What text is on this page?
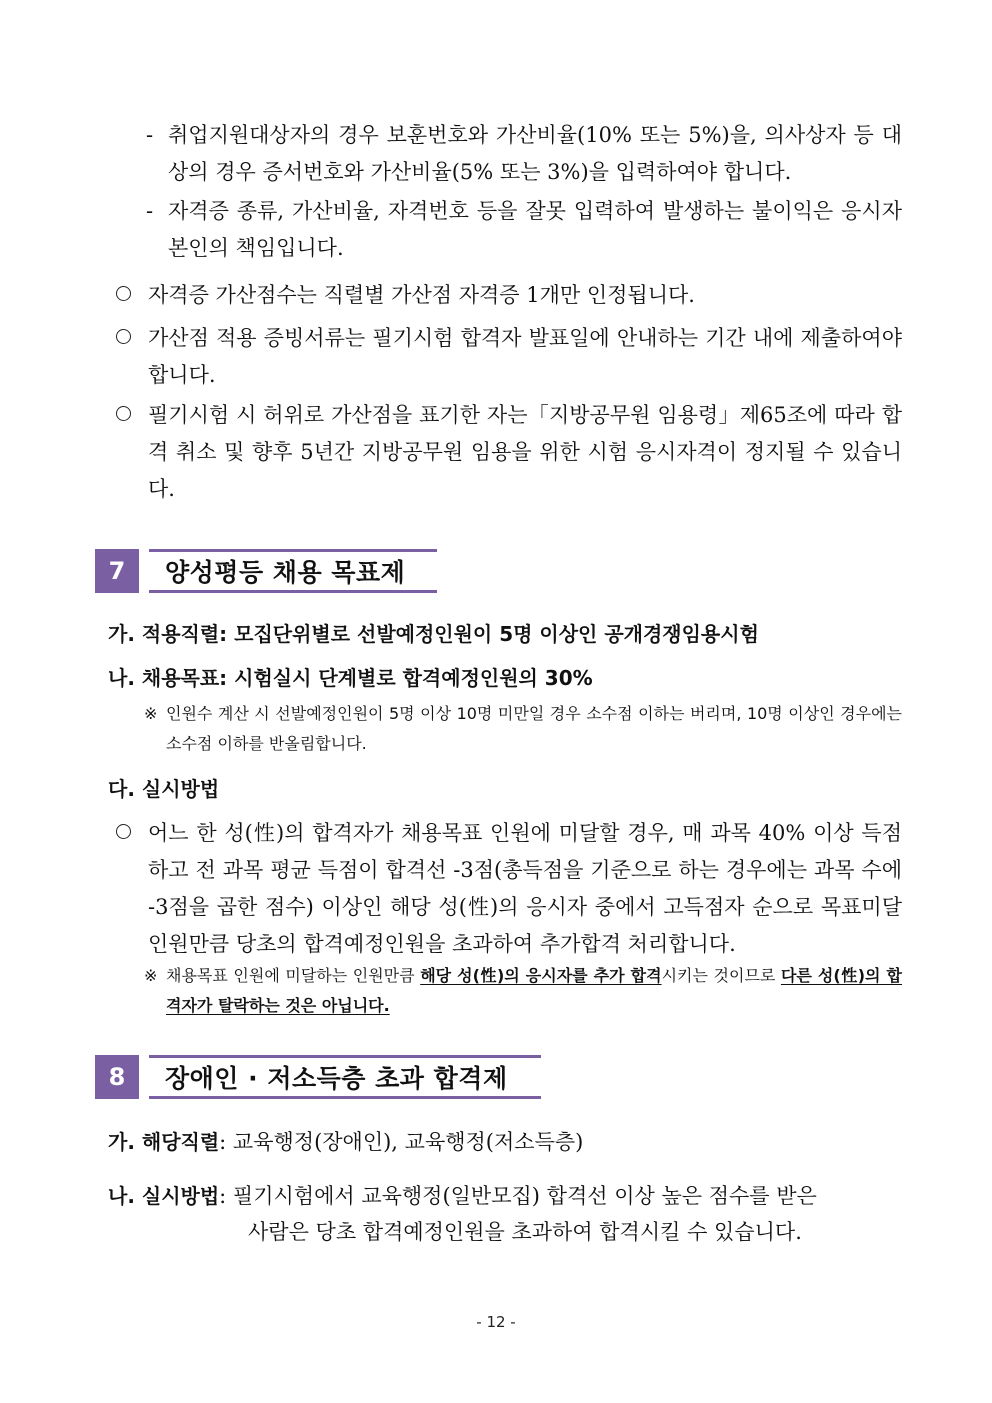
- 취업지원대상자의 경우 보훈번호와 가산비율(10% 또는 5%)을, 의사상자 등 대상의 경우 증서번호와 가산비율(5% 또는 3%)을 입력하여야 합니다.
- 자격증 종류, 가산비율, 자격번호 등을 잘못 입력하여 발생하는 불이익은 응시자 본인의 책임입니다.
자격증 가산점수는 직렬별 가산점 자격증 1개만 인정됩니다.
가산점 적용 증빙서류는 필기시험 합격자 발표일에 안내하는 기간 내에 제출하여야 합니다.
필기시험 시 허위로 가산점을 표기한 자는「지방공무원 임용령」제65조에 따라 합격 취소 및 향후 5년간 지방공무원 임용을 위한 시험 응시자격이 정지될 수 있습니다.
7	양성평등 채용 목표제
가. 적용직렬: 모집단위별로 선발예정인원이 5명 이상인 공개경쟁임용시험
나. 채용목표: 시험실시 단계별로 합격예정인원의 30%
※ 인원수 계산 시 선발예정인원이 5명 이상 10명 미만일 경우 소수점 이하는 버리며, 10명 이상인 경우에는 소수점 이하를 반올림합니다.
다. 실시방법
어느 한 성(性)의 합격자가 채용목표 인원에 미달할 경우, 매 과목 40% 이상 득점하고 전 과목 평균 득점이 합격선 -3점(총득점을 기준으로 하는 경우에는 과목 수에 -3점을 곱한 점수) 이상인 해당 성(性)의 응시자 중에서 고득점자 순으로 목표미달 인원만큼 당초의 합격예정인원을 초과하여 추가합격 처리합니다.
※ 채용목표 인원에 미달하는 인원만큼 해당 성(性)의 응시자를 추가 합격시키는 것이므로 다른 성(性)의 합격자가 탈락하는 것은 아닙니다.
8	장애인 · 저소득층 초과 합격제
가. 해당직렬: 교육행정(장애인), 교육행정(저소득층)
나. 실시방법: 필기시험에서 교육행정(일반모집) 합격선 이상 높은 점수를 받은
사람은 당초 합격예정인원을 초과하여 합격시킬 수 있습니다.
- 12 -
